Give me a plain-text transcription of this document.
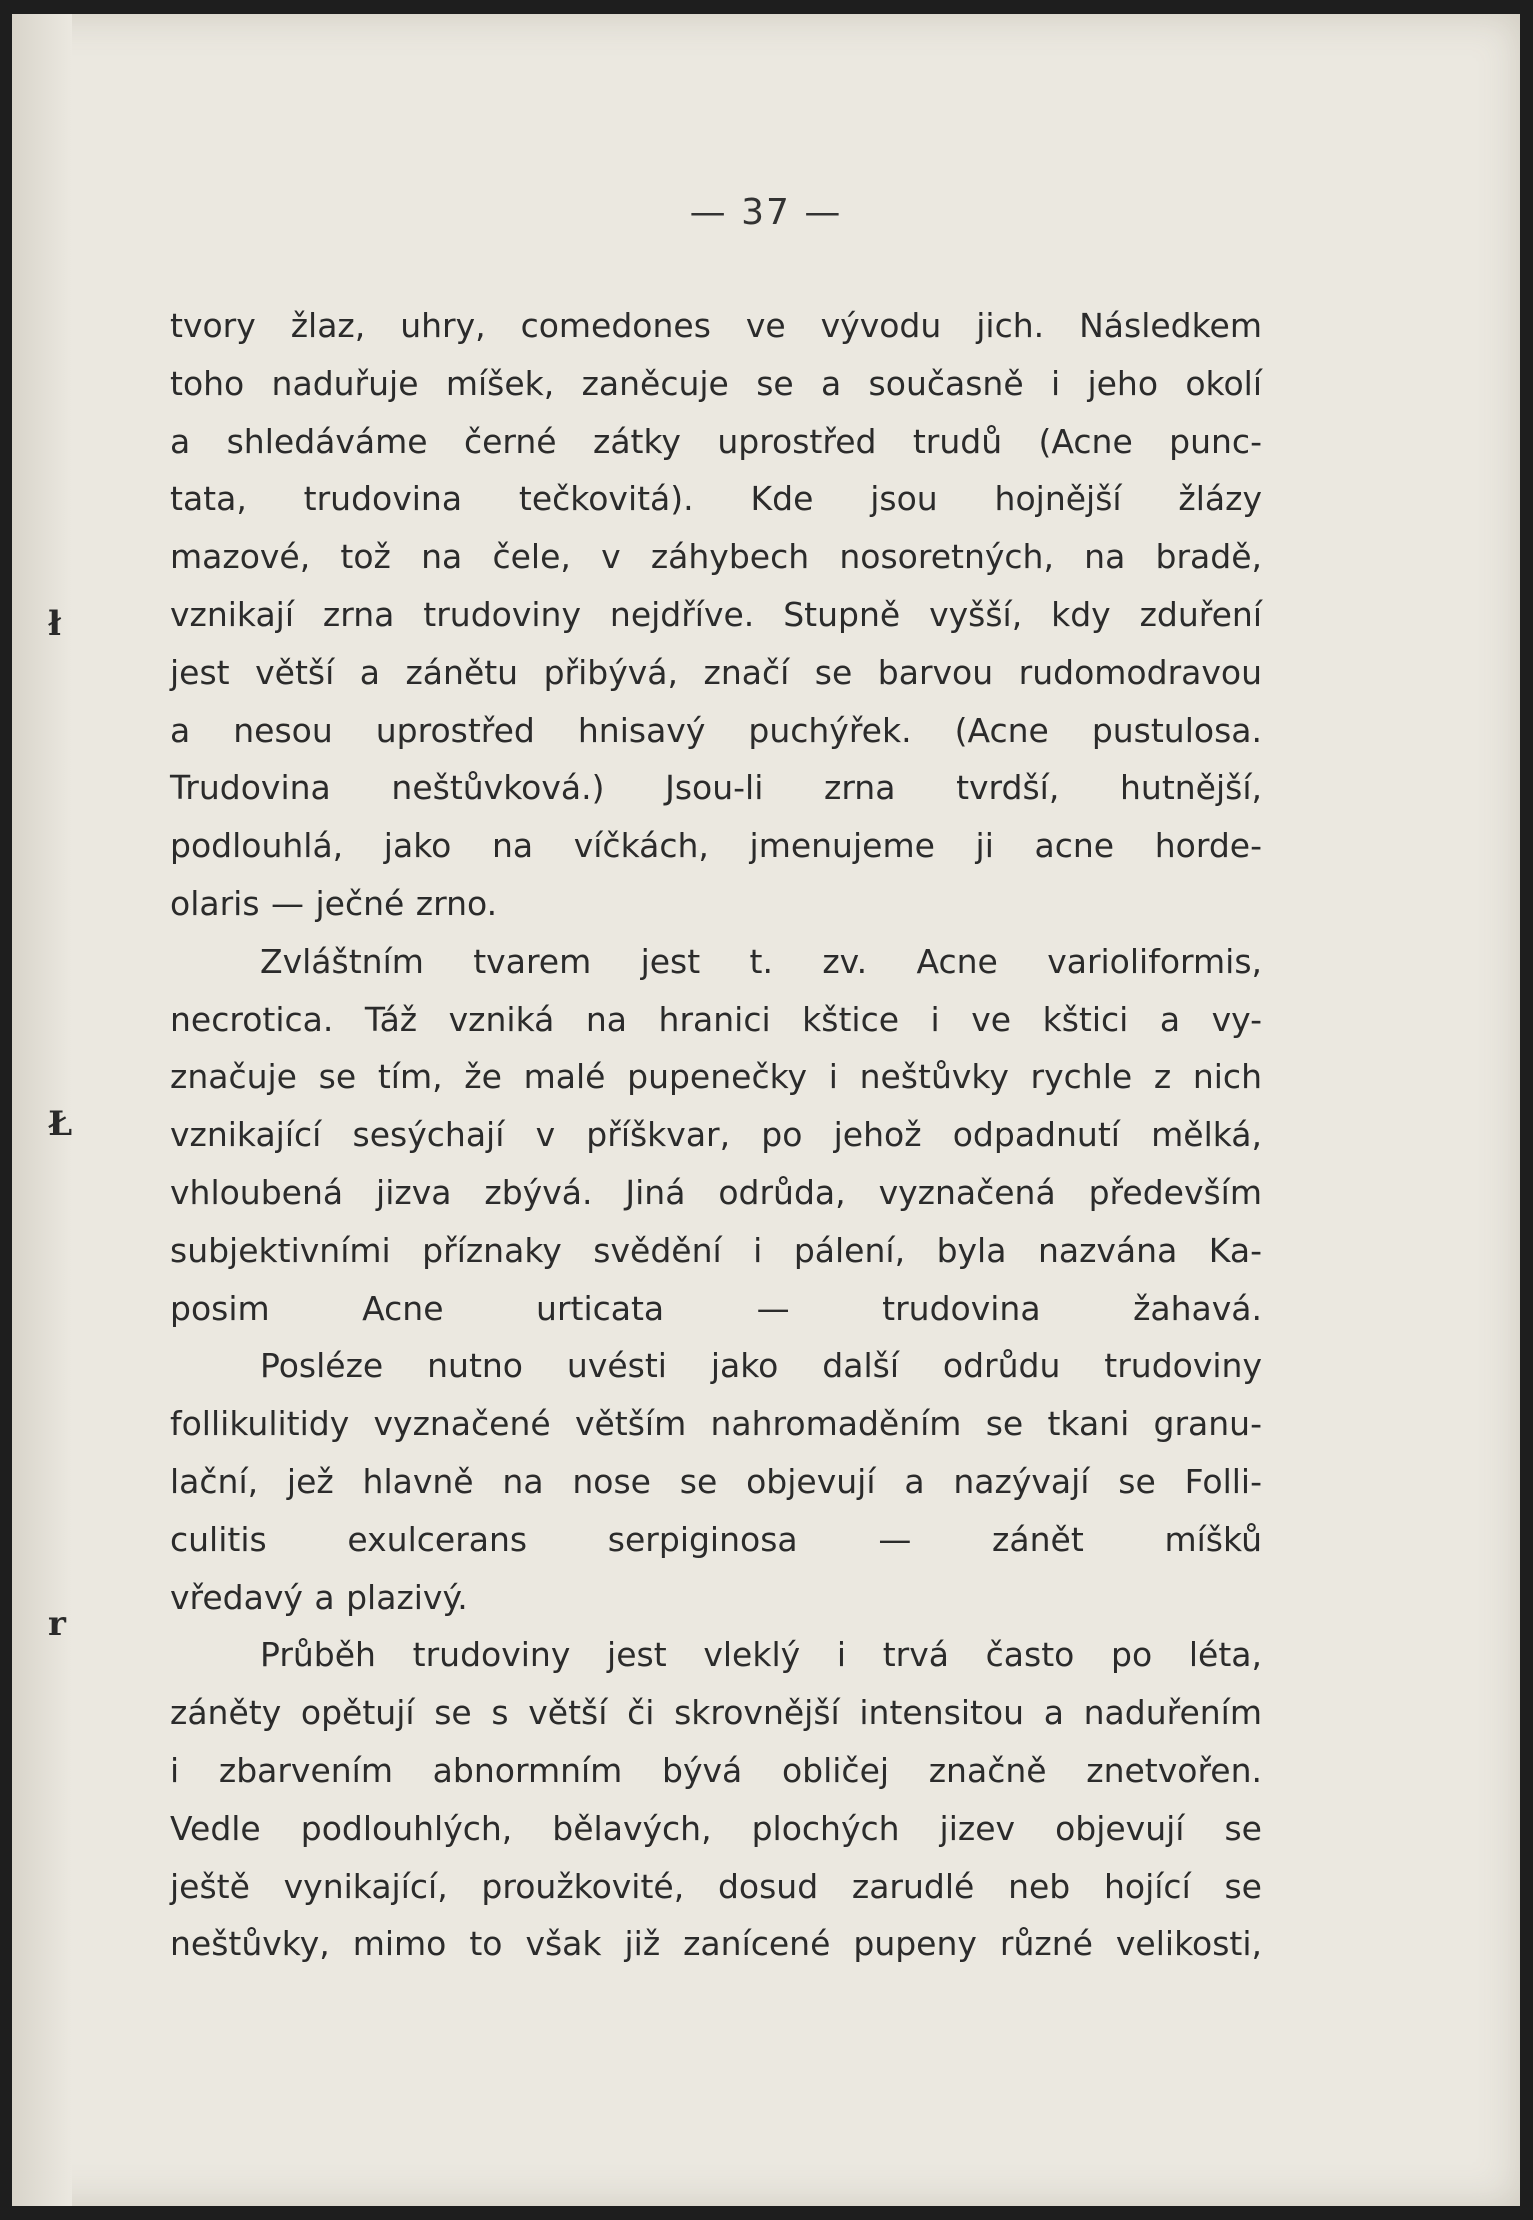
ł
Ł
r
— 37 —
tvory žlaz, uhry, comedones ve vývodu jich. Následkem
toho naduřuje míšek, zaněcuje se a současně i jeho okolí
a shledáváme černé zátky uprostřed trudů (Acne punc-
tata, trudovina tečkovitá). Kde jsou hojnější žlázy
mazové, tož na čele, v záhybech nosoretných, na bradě,
vznikají zrna trudoviny nejdříve. Stupně vyšší, kdy zduření
jest větší a zánětu přibývá, značí se barvou rudomodravou
a nesou uprostřed hnisavý puchýřek. (Acne pustulosa.
Trudovina neštůvková.) Jsou-li zrna tvrdší, hutnější,
podlouhlá, jako na víčkách, jmenujeme ji acne horde-
olaris — ječné zrno.
Zvláštním tvarem jest t. zv. Acne varioliformis,
necrotica. Táž vzniká na hranici kštice i ve kštici a vy-
značuje se tím, že malé pupenečky i neštůvky rychle z nich
vznikající sesýchají v příškvar, po jehož odpadnutí mělká,
vhloubená jizva zbývá. Jiná odrůda, vyznačená především
subjektivními příznaky svědění i pálení, byla nazvána Ka-
posim Acne urticata — trudovina žahavá.
Posléze nutno uvésti jako další odrůdu trudoviny
follikulitidy vyznačené větším nahromaděním se tkani granu-
lační, jež hlavně na nose se objevují a nazývají se Folli-
culitis exulcerans serpiginosa — zánět míšků
vředavý a plazivý.
Průběh trudoviny jest vleklý i trvá často po léta,
záněty opětují se s větší či skrovnější intensitou a naduřením
i zbarvením abnormním bývá obličej značně znetvořen.
Vedle podlouhlých, bělavých, plochých jizev objevují se
ještě vynikající, proužkovité, dosud zarudlé neb hojící se
neštůvky, mimo to však již zanícené pupeny různé velikosti,
